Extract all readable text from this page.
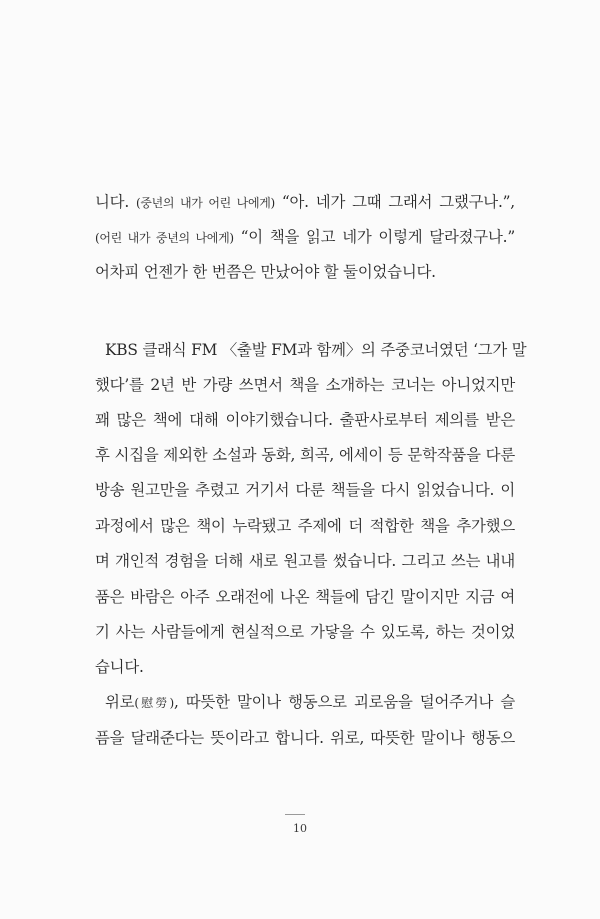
니다. (중년의 내가 어린 나에게) “아. 네가 그때 그래서 그랬구나.”,
(어린 내가 중년의 나에게) “이 책을 읽고 네가 이렇게 달라졌구나.”
어차피 언젠가 한 번쯤은 만났어야 할 둘이었습니다.
KBS 클래식 FM 〈출발 FM과 함께〉의 주중코너였던 ‘그가 말
했다’를 2년 반 가량 쓰면서 책을 소개하는 코너는 아니었지만
꽤 많은 책에 대해 이야기했습니다. 출판사로부터 제의를 받은
후 시집을 제외한 소설과 동화, 희곡, 에세이 등 문학작품을 다룬
방송 원고만을 추렸고 거기서 다룬 책들을 다시 읽었습니다. 이
과정에서 많은 책이 누락됐고 주제에 더 적합한 책을 추가했으
며 개인적 경험을 더해 새로 원고를 썼습니다. 그리고 쓰는 내내
품은 바람은 아주 오래전에 나온 책들에 담긴 말이지만 지금 여
기 사는 사람들에게 현실적으로 가닿을 수 있도록, 하는 것이었
습니다.
위로(慰勞), 따뜻한 말이나 행동으로 괴로움을 덜어주거나 슬
픔을 달래준다는 뜻이라고 합니다. 위로, 따뜻한 말이나 행동으
10
